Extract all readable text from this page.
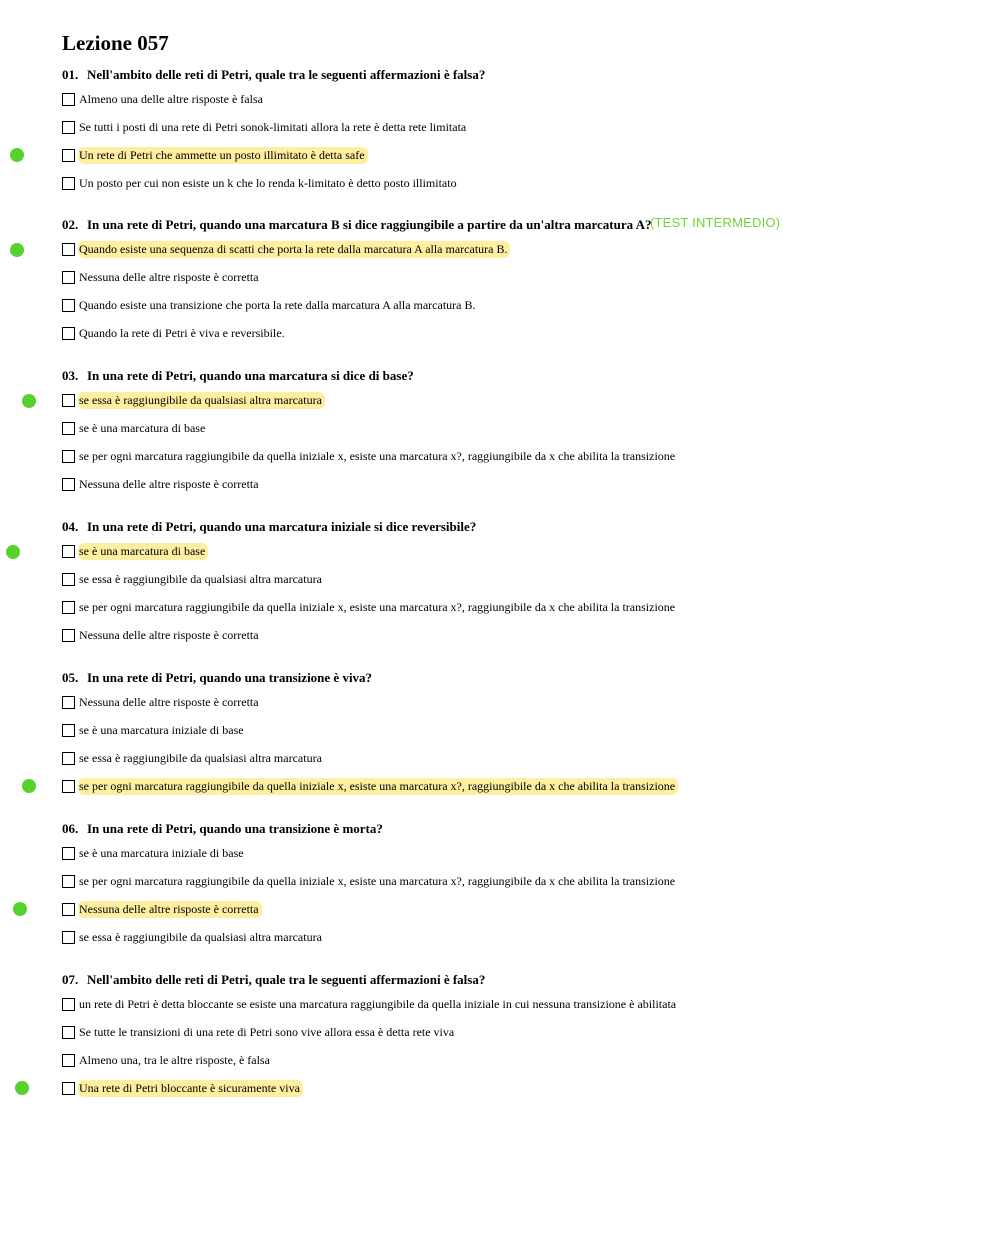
Lezione 057
01. Nell'ambito delle reti di Petri, quale tra le seguenti affermazioni è falsa?
Almeno una delle altre risposte è falsa
Se tutti i posti di una rete di Petri sonok-limitati allora la rete è detta rete limitata
Un rete di Petri che ammette un posto illimitato è detta safe
Un posto per cui non esiste un k che lo renda k-limitato è detto posto illimitato
02. In una rete di Petri, quando una marcatura B si dice raggiungibile a partire da un'altra marcatura A?
(TEST INTERMEDIO)
Quando esiste una sequenza di scatti che porta la rete dalla marcatura A alla marcatura B.
Nessuna delle altre risposte è corretta
Quando esiste una transizione che porta la rete dalla marcatura A alla marcatura B.
Quando la rete di Petri è viva e reversibile.
03. In una rete di Petri, quando una marcatura si dice di base?
se essa è raggiungibile da qualsiasi altra marcatura
se è una marcatura di base
se per ogni marcatura raggiungibile da quella iniziale x, esiste una marcatura x?, raggiungibile da x che abilita la transizione
Nessuna delle altre risposte è corretta
04. In una rete di Petri, quando una marcatura iniziale si dice reversibile?
se è una marcatura di base
se essa è raggiungibile da qualsiasi altra marcatura
se per ogni marcatura raggiungibile da quella iniziale x, esiste una marcatura x?, raggiungibile da x che abilita la transizione
Nessuna delle altre risposte è corretta
05. In una rete di Petri, quando una transizione è viva?
Nessuna delle altre risposte è corretta
se è una marcatura iniziale di base
se essa è raggiungibile da qualsiasi altra marcatura
se per ogni marcatura raggiungibile da quella iniziale x, esiste una marcatura x?, raggiungibile da x che abilita la transizione
06. In una rete di Petri, quando una transizione è morta?
se è una marcatura iniziale di base
se per ogni marcatura raggiungibile da quella iniziale x, esiste una marcatura x?, raggiungibile da x che abilita la transizione
Nessuna delle altre risposte è corretta
se essa è raggiungibile da qualsiasi altra marcatura
07. Nell'ambito delle reti di Petri, quale tra le seguenti affermazioni è falsa?
un rete di Petri è detta bloccante se esiste una marcatura raggiungibile da quella iniziale in cui nessuna transizione è abilitata
Se tutte le transizioni di una rete di Petri sono vive allora essa è detta rete viva
Almeno una, tra le altre risposte, è falsa
Una rete di Petri bloccante è sicuramente viva
